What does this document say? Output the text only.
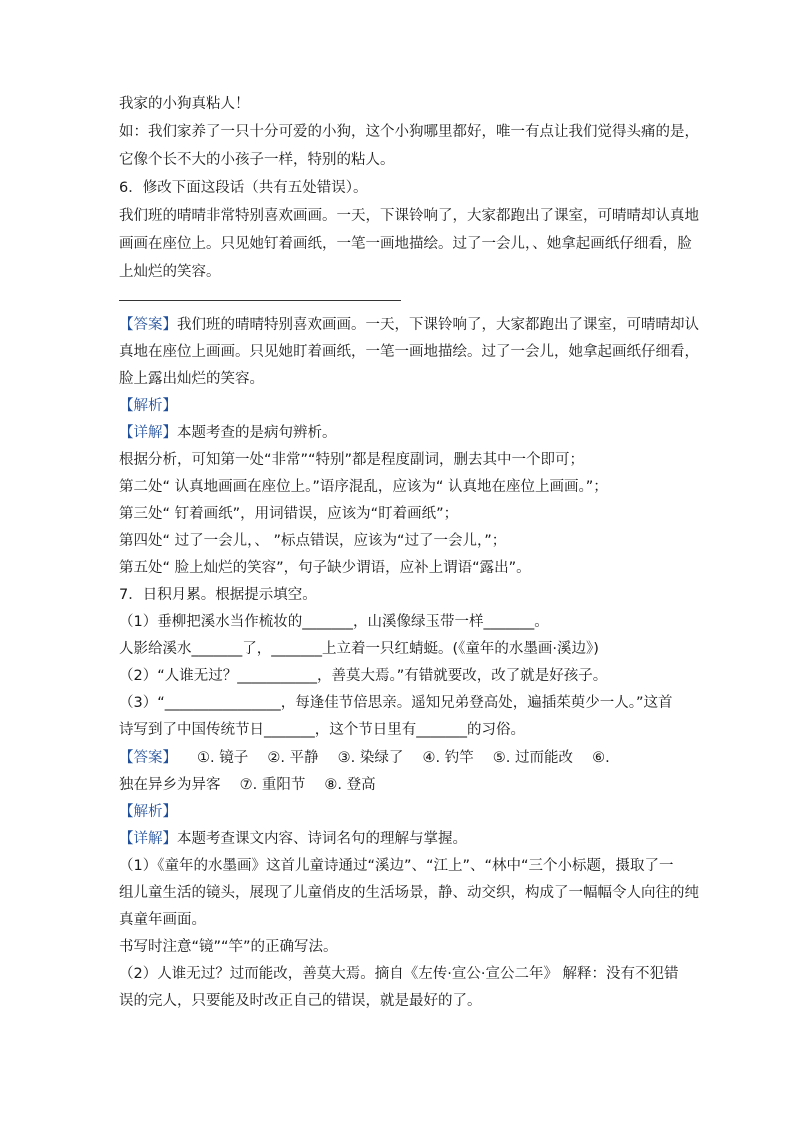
我家的小狗真粘人！
如：我们家养了一只十分可爱的小狗，这个小狗哪里都好，唯一有点让我们觉得头痛的是，
它像个长不大的小孩子一样，特别的粘人。
6．修改下面这段话（共有五处错误）。
我们班的晴晴非常特别喜欢画画。一天，下课铃响了，大家都跑出了课室，可晴晴却认真地
画画在座位上。只见她钉着画纸，一笔一画地描绘。过了一会儿，、她拿起画纸仔细看，脸
上灿烂的笑容。
【答案】我们班的晴晴特别喜欢画画。一天，下课铃响了，大家都跑出了课室，可晴晴却认
真地在座位上画画。只见她盯着画纸，一笔一画地描绘。过了一会儿，她拿起画纸仔细看，
脸上露出灿烂的笑容。
【解析】
【详解】本题考查的是病句辨析。
根据分析，可知第一处“非常”“特别”都是程度副词，删去其中一个即可；
第二处“ 认真地画画在座位上。”语序混乱，应该为“ 认真地在座位上画画。”；
第三处“ 钉着画纸”，用词错误，应该为“盯着画纸”；
第四处“ 过了一会儿，、 ”标点错误，应该为“过了一会儿，”；
第五处“ 脸上灿烂的笑容”，句子缺少谓语，应补上谓语“露出”。
7．日积月累。根据提示填空。
（1）垂柳把溪水当作梳妆的_______，山溪像绿玉带一样_______。
人影给溪水_______了，_______上立着一只红蜻蜓。(《童年的水墨画·溪边》)
（2）“人谁无过？___________，善莫大焉。”有错就要改，改了就是好孩子。
（3）“________________，每逢佳节倍思亲。遥知兄弟登高处，遍插茱萸少一人。”这首
诗写到了中国传统节日_______，这个节日里有_______的习俗。
【答案】 ①. 镜子　 ②. 平静　 ③. 染绿了　 ④. 钓竿　 ⑤. 过而能改　 ⑥.
独在异乡为异客　 ⑦. 重阳节　 ⑧. 登高
【解析】
【详解】本题考查课文内容、诗词名句的理解与掌握。
（1）《童年的水墨画》这首儿童诗通过“溪边”、“江上”、“林中“三个小标题，摄取了一
组儿童生活的镜头，展现了儿童俏皮的生活场景，静、动交织，构成了一幅幅令人向往的纯
真童年画面。
书写时注意“镜”“竿”的正确写法。
（2）人谁无过？过而能改，善莫大焉。摘自《左传·宣公·宣公二年》 解释：没有不犯错
误的完人，只要能及时改正自己的错误，就是最好的了。
